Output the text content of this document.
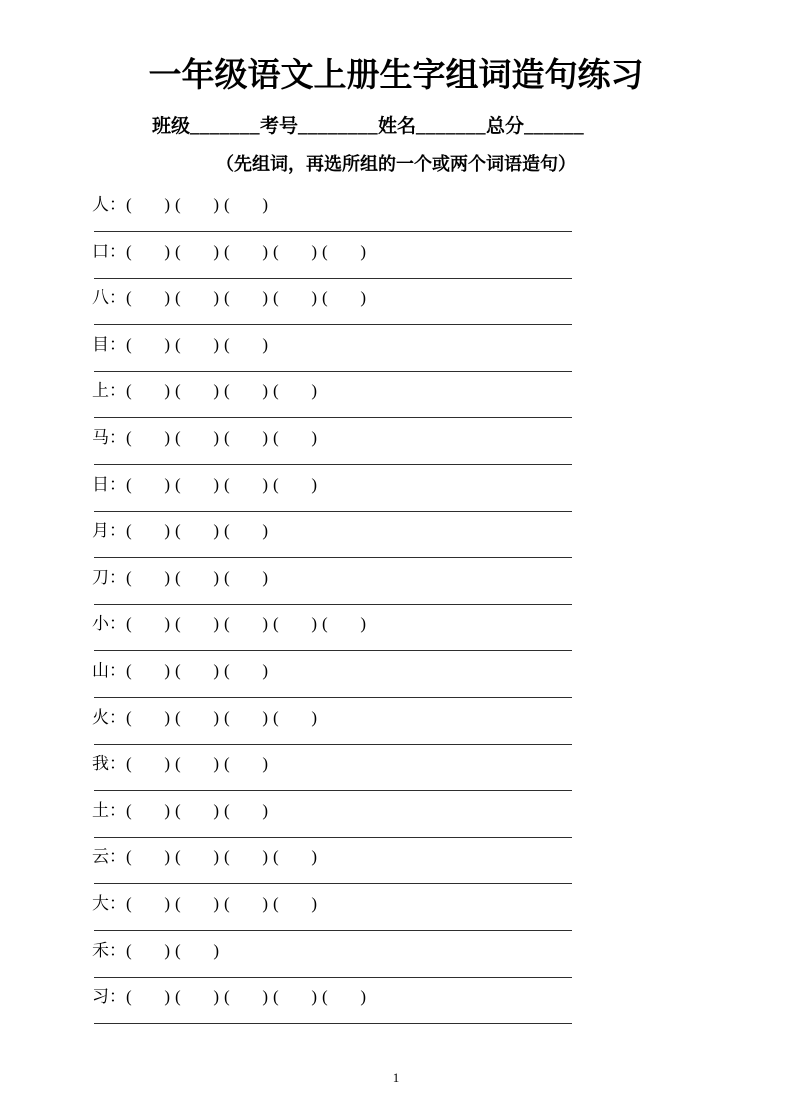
一年级语文上册生字组词造句练习
班级_______考号________姓名_______总分______
（先组词，再选所组的一个或两个词语造句）
人： ( ) ( ) ( )
口： ( ) ( ) ( ) ( ) ( )
八： ( ) ( ) ( ) ( ) ( )
目： ( ) ( ) ( )
上： ( ) ( ) ( ) ( )
马： ( ) ( ) ( ) ( )
日： ( ) ( ) ( ) ( )
月： ( ) ( ) ( )
刀： ( ) ( ) ( )
小： ( ) ( ) ( ) ( ) ( )
山： ( ) ( ) ( )
火： ( ) ( ) ( ) ( )
我： ( ) ( ) ( )
土： ( ) ( ) ( )
云： ( ) ( ) ( ) ( )
大： ( ) ( ) ( ) ( )
禾： ( ) ( )
习： ( ) ( ) ( ) ( ) ( )
1
